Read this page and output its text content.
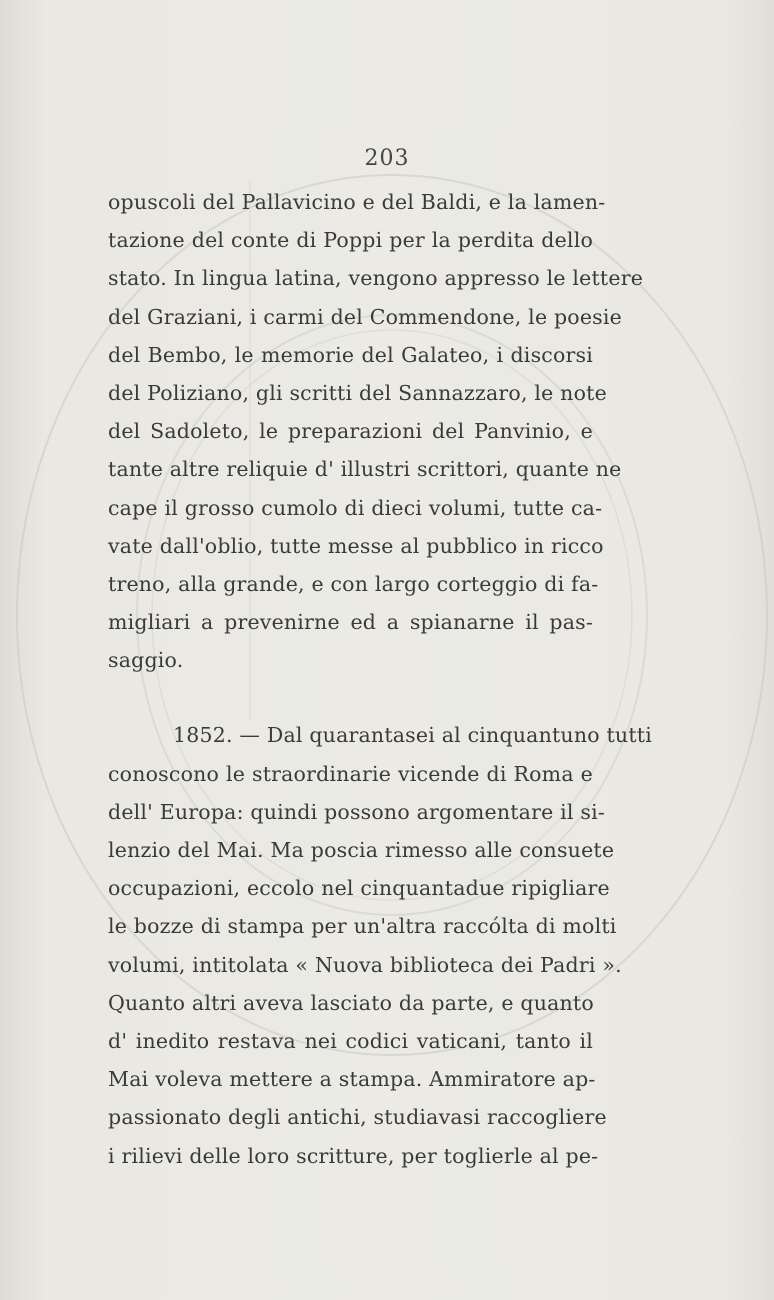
203
opuscoli del Pallavicino e del Baldi, e la lamen-
tazione del conte di Poppi per la perdita dello
stato. In lingua latina, vengono appresso le lettere
del Graziani, i carmi del Commendone, le poesie
del Bembo, le memorie del Galateo, i discorsi
del Poliziano, gli scritti del Sannazzaro, le note
del Sadoleto, le preparazioni del Panvinio, e
tante altre reliquie d' illustri scrittori, quante ne
cape il grosso cumolo di dieci volumi, tutte ca-
vate dall'oblio, tutte messe al pubblico in ricco
treno, alla grande, e con largo corteggio di fa-
migliari a prevenirne ed a spianarne il pas-
saggio.
1852. — Dal quarantasei al cinquantuno tutti
conoscono le straordinarie vicende di Roma e
dell' Europa: quindi possono argomentare il si-
lenzio del Mai. Ma poscia rimesso alle consuete
occupazioni, eccolo nel cinquantadue ripigliare
le bozze di stampa per un'altra raccólta di molti
volumi, intitolata « Nuova biblioteca dei Padri ».
Quanto altri aveva lasciato da parte, e quanto
d' inedito restava nei codici vaticani, tanto il
Mai voleva mettere a stampa. Ammiratore ap-
passionato degli antichi, studiavasi raccogliere
i rilievi delle loro scritture, per toglierle al pe-
